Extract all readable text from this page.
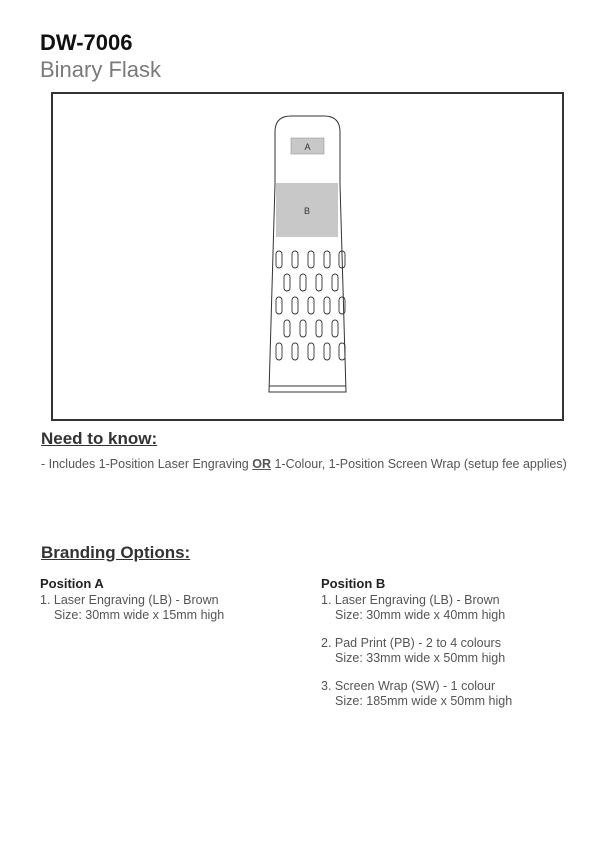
DW-7006
Binary Flask
A
B
Need to know:
- Includes 1-Position Laser Engraving OR 1-Colour, 1-Position Screen Wrap (setup fee applies)
Branding Options:
Position A
1. Laser Engraving (LB) - Brown
Size: 30mm wide x 15mm high
Position B
1. Laser Engraving (LB) - Brown
Size: 30mm wide x 40mm high
2. Pad Print (PB) - 2 to 4 colours
Size: 33mm wide x 50mm high
3. Screen Wrap (SW) - 1 colour
Size: 185mm wide x 50mm high
